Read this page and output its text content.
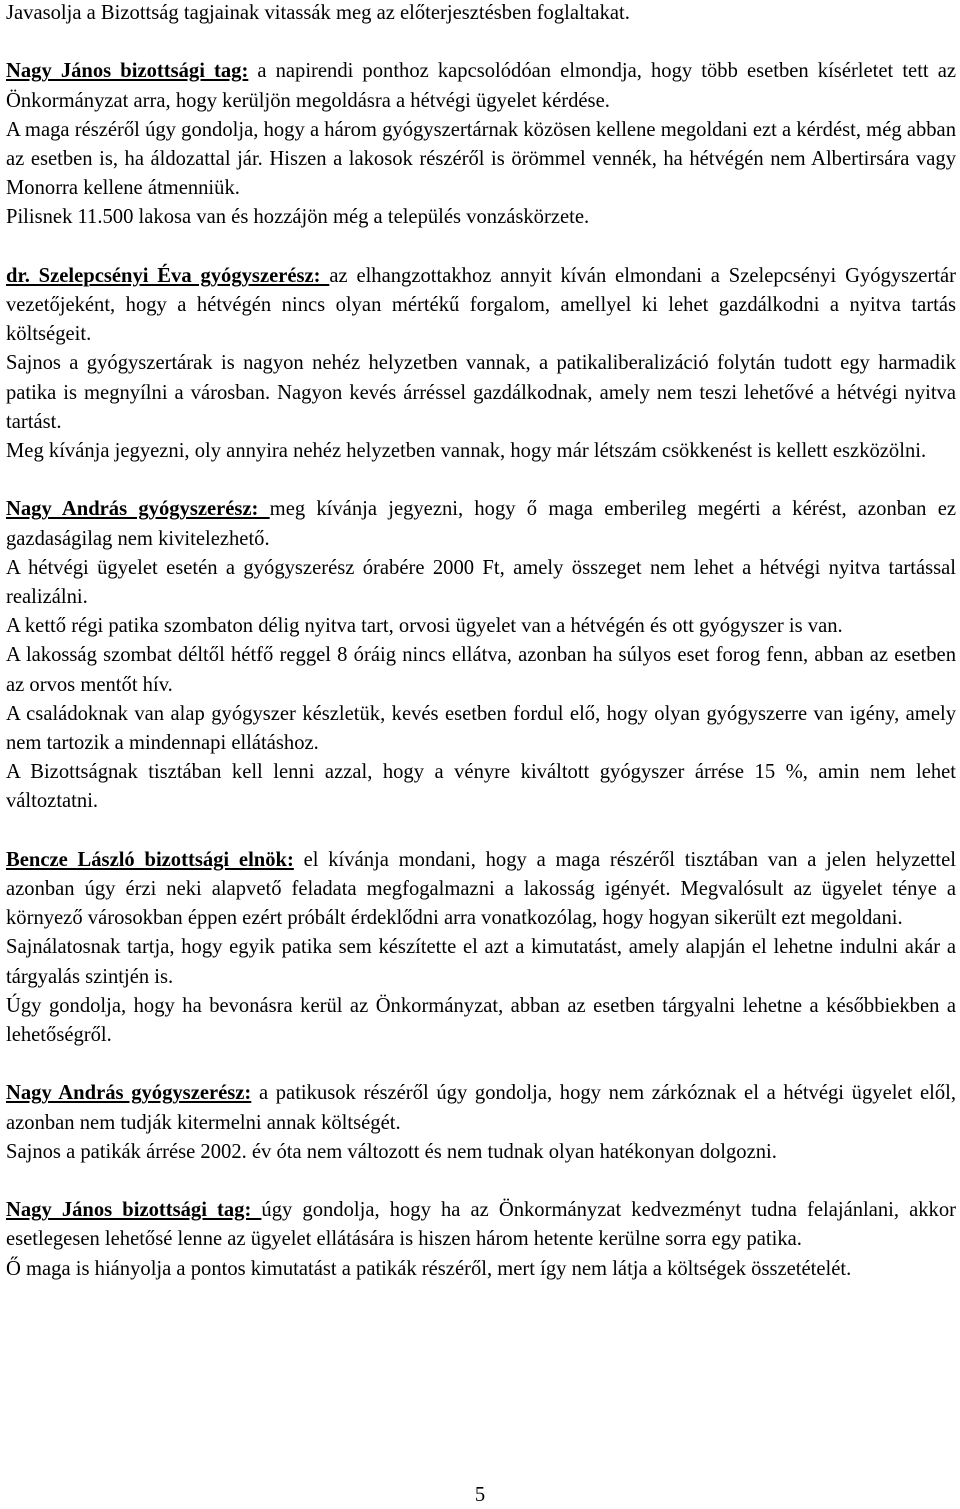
Javasolja a Bizottság tagjainak vitassák meg az előterjesztésben foglaltakat.

Nagy János bizottsági tag: a napirendi ponthoz kapcsolódóan elmondja, hogy több esetben kísérletet tett az Önkormányzat arra, hogy kerüljön megoldásra a hétvégi ügyelet kérdése.

A maga részéről úgy gondolja, hogy a három gyógyszertárnak közösen kellene megoldani ezt a kérdést, még abban az esetben is, ha áldozattal jár. Hiszen a lakosok részéről is örömmel vennék, ha hétvégén nem Albertirsára vagy Monorra kellene átmenniük.

Pilisnek 11.500 lakosa van és hozzájön még a település vonzáskörzete.

dr. Szelepcsényi Éva gyógyszerész: az elhangzottakhoz annyit kíván elmondani a Szelepcsényi Gyógyszertár vezetőjeként, hogy a hétvégén nincs olyan mértékű forgalom, amellyel ki lehet gazdálkodni a nyitva tartás költségeit.

Sajnos a gyógyszertárak is nagyon nehéz helyzetben vannak, a patikaliberalizáció folytán tudott egy harmadik patika is megnyílni a városban. Nagyon kevés árréssel gazdálkodnak, amely nem teszi lehetővé a hétvégi nyitva tartást.

Meg kívánja jegyezni, oly annyira nehéz helyzetben vannak, hogy már létszám csökkenést is kellett eszközölni.

Nagy András gyógyszerész: meg kívánja jegyezni, hogy ő maga emberileg megérti a kérést, azonban ez gazdaságilag nem kivitelezhető.

A hétvégi ügyelet esetén a gyógyszerész órabére 2000 Ft, amely összeget nem lehet a hétvégi nyitva tartással realizálni.

A kettő régi patika szombaton délig nyitva tart, orvosi ügyelet van a hétvégén és ott gyógyszer is van.

A lakosság szombat déltől hétfő reggel 8 óráig nincs ellátva, azonban ha súlyos eset forog fenn, abban az esetben az orvos mentőt hív.

A családoknak van alap gyógyszer készletük, kevés esetben fordul elő, hogy olyan gyógyszerre van igény, amely nem tartozik a mindennapi ellátáshoz.

A Bizottságnak tisztában kell lenni azzal, hogy a vényre kiváltott gyógyszer árrése 15 %, amin nem lehet változtatni.

Bencze László bizottsági elnök: el kívánja mondani, hogy a maga részéről tisztában van a jelen helyzettel azonban úgy érzi neki alapvető feladata megfogalmazni a lakosság igényét. Megvalósult az ügyelet ténye a környező városokban éppen ezért próbált érdeklődni arra vonatkozólag, hogy hogyan sikerült ezt megoldani.

Sajnálatosnak tartja, hogy egyik patika sem készítette el azt a kimutatást, amely alapján el lehetne indulni akár a tárgyalás szintjén is.

Úgy gondolja, hogy ha bevonásra kerül az Önkormányzat, abban az esetben tárgyalni lehetne a későbbiekben a lehetőségről.

Nagy András gyógyszerész: a patikusok részéről úgy gondolja, hogy nem zárkóznak el a hétvégi ügyelet elől, azonban nem tudják kitermelni annak költségét.

Sajnos a patikák árrése 2002. év óta nem változott és nem tudnak olyan hatékonyan dolgozni.

Nagy János bizottsági tag: úgy gondolja, hogy ha az Önkormányzat kedvezményt tudna felajánlani, akkor esetlegesen lehetősé lenne az ügyelet ellátására is hiszen három hetente kerülne sorra egy patika.

Ő maga is hiányolja a pontos kimutatást a patikák részéről, mert így nem látja a költségek összetételét.

5
